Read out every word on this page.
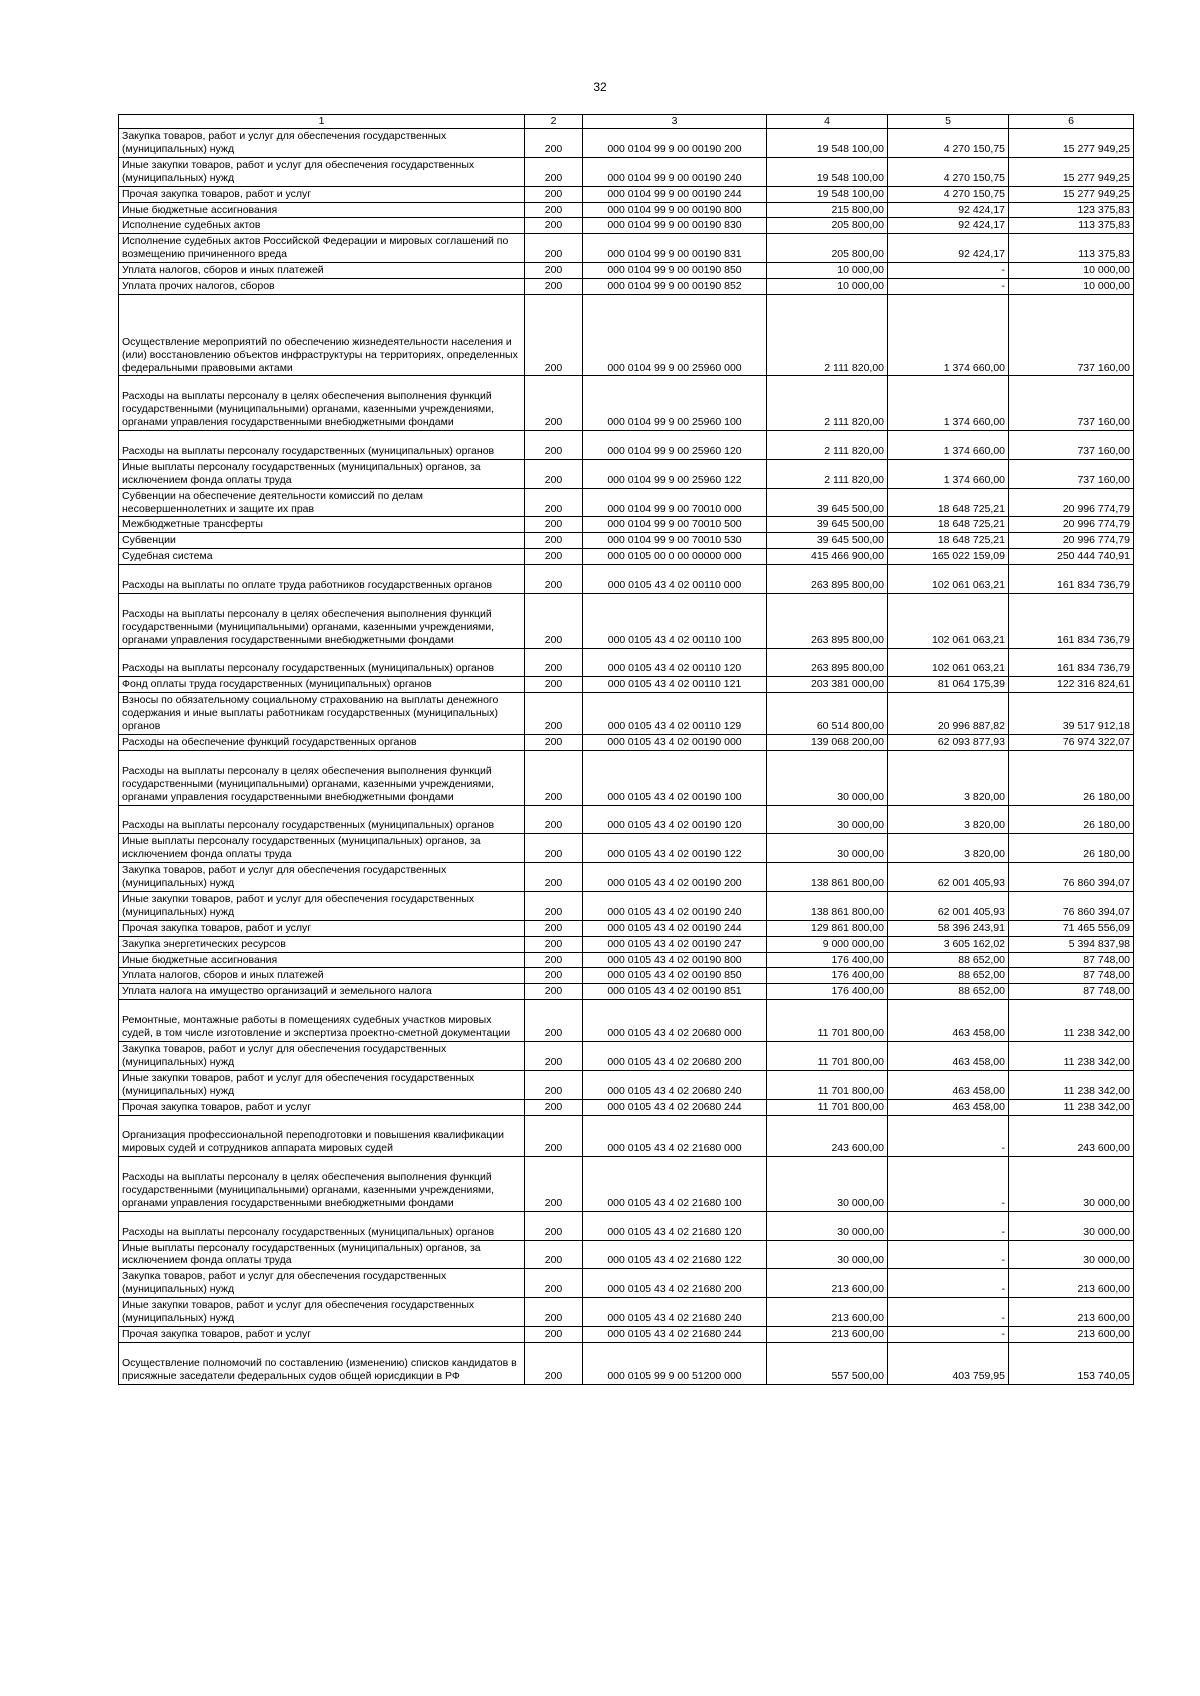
32
1	2	3	4	5	6
Закупка товаров, работ и услуг для обеспечения государственных (муниципальных) нужд	200	000 0104 99 9 00 00190 200	19 548 100,00	4 270 150,75	15 277 949,25
Иные закупки товаров, работ и услуг для обеспечения государственных (муниципальных) нужд	200	000 0104 99 9 00 00190 240	19 548 100,00	4 270 150,75	15 277 949,25
Прочая закупка товаров, работ и услуг	200	000 0104 99 9 00 00190 244	19 548 100,00	4 270 150,75	15 277 949,25
Иные бюджетные ассигнования	200	000 0104 99 9 00 00190 800	215 800,00	92 424,17	123 375,83
Исполнение судебных актов	200	000 0104 99 9 00 00190 830	205 800,00	92 424,17	113 375,83
Исполнение судебных актов Российской Федерации и мировых соглашений по возмещению причиненного вреда	200	000 0104 99 9 00 00190 831	205 800,00	92 424,17	113 375,83
Уплата налогов, сборов и иных платежей	200	000 0104 99 9 00 00190 850	10 000,00	-	10 000,00
Уплата прочих налогов, сборов	200	000 0104 99 9 00 00190 852	10 000,00	-	10 000,00
Осуществление мероприятий по обеспечению жизнедеятельности населения и (или) восстановлению объектов инфраструктуры на территориях, определенных федеральными правовыми актами	200	000 0104 99 9 00 25960 000	2 111 820,00	1 374 660,00	737 160,00
Расходы на выплаты персоналу в целях обеспечения выполнения функций государственными (муниципальными) органами, казенными учреждениями, органами управления государственными внебюджетными фондами	200	000 0104 99 9 00 25960 100	2 111 820,00	1 374 660,00	737 160,00
Расходы на выплаты персоналу государственных (муниципальных) органов	200	000 0104 99 9 00 25960 120	2 111 820,00	1 374 660,00	737 160,00
Иные выплаты персоналу государственных (муниципальных) органов, за исключением фонда оплаты труда	200	000 0104 99 9 00 25960 122	2 111 820,00	1 374 660,00	737 160,00
Субвенции на обеспечение деятельности комиссий по делам несовершеннолетних и защите их прав	200	000 0104 99 9 00 70010 000	39 645 500,00	18 648 725,21	20 996 774,79
Межбюджетные трансферты	200	000 0104 99 9 00 70010 500	39 645 500,00	18 648 725,21	20 996 774,79
Субвенции	200	000 0104 99 9 00 70010 530	39 645 500,00	18 648 725,21	20 996 774,79
Судебная система	200	000 0105 00 0 00 00000 000	415 466 900,00	165 022 159,09	250 444 740,91
Расходы на выплаты по оплате труда работников государственных органов	200	000 0105 43 4 02 00110 000	263 895 800,00	102 061 063,21	161 834 736,79
Расходы на выплаты персоналу в целях обеспечения выполнения функций государственными (муниципальными) органами, казенными учреждениями, органами управления государственными внебюджетными фондами	200	000 0105 43 4 02 00110 100	263 895 800,00	102 061 063,21	161 834 736,79
Расходы на выплаты персоналу государственных (муниципальных) органов	200	000 0105 43 4 02 00110 120	263 895 800,00	102 061 063,21	161 834 736,79
Фонд оплаты труда государственных (муниципальных) органов	200	000 0105 43 4 02 00110 121	203 381 000,00	81 064 175,39	122 316 824,61
Взносы по обязательному социальному страхованию на выплаты денежного содержания и иные выплаты работникам государственных (муниципальных) органов	200	000 0105 43 4 02 00110 129	60 514 800,00	20 996 887,82	39 517 912,18
Расходы на обеспечение функций государственных органов	200	000 0105 43 4 02 00190 000	139 068 200,00	62 093 877,93	76 974 322,07
Расходы на выплаты персоналу в целях обеспечения выполнения функций государственными (муниципальными) органами, казенными учреждениями, органами управления государственными внебюджетными фондами	200	000 0105 43 4 02 00190 100	30 000,00	3 820,00	26 180,00
Расходы на выплаты персоналу государственных (муниципальных) органов	200	000 0105 43 4 02 00190 120	30 000,00	3 820,00	26 180,00
Иные выплаты персоналу государственных (муниципальных) органов, за исключением фонда оплаты труда	200	000 0105 43 4 02 00190 122	30 000,00	3 820,00	26 180,00
Закупка товаров, работ и услуг для обеспечения государственных (муниципальных) нужд	200	000 0105 43 4 02 00190 200	138 861 800,00	62 001 405,93	76 860 394,07
Иные закупки товаров, работ и услуг для обеспечения государственных (муниципальных) нужд	200	000 0105 43 4 02 00190 240	138 861 800,00	62 001 405,93	76 860 394,07
Прочая закупка товаров, работ и услуг	200	000 0105 43 4 02 00190 244	129 861 800,00	58 396 243,91	71 465 556,09
Закупка энергетических ресурсов	200	000 0105 43 4 02 00190 247	9 000 000,00	3 605 162,02	5 394 837,98
Иные бюджетные ассигнования	200	000 0105 43 4 02 00190 800	176 400,00	88 652,00	87 748,00
Уплата налогов, сборов и иных платежей	200	000 0105 43 4 02 00190 850	176 400,00	88 652,00	87 748,00
Уплата налога на имущество организаций и земельного налога	200	000 0105 43 4 02 00190 851	176 400,00	88 652,00	87 748,00
Ремонтные, монтажные работы в помещениях судебных участков мировых судей, в том числе изготовление и экспертиза проектно-сметной документации	200	000 0105 43 4 02 20680 000	11 701 800,00	463 458,00	11 238 342,00
Закупка товаров, работ и услуг для обеспечения государственных (муниципальных) нужд	200	000 0105 43 4 02 20680 200	11 701 800,00	463 458,00	11 238 342,00
Иные закупки товаров, работ и услуг для обеспечения государственных (муниципальных) нужд	200	000 0105 43 4 02 20680 240	11 701 800,00	463 458,00	11 238 342,00
Прочая закупка товаров, работ и услуг	200	000 0105 43 4 02 20680 244	11 701 800,00	463 458,00	11 238 342,00
Организация профессиональной переподготовки и повышения квалификации мировых судей и сотрудников аппарата мировых судей	200	000 0105 43 4 02 21680 000	243 600,00	-	243 600,00
Расходы на выплаты персоналу в целях обеспечения выполнения функций государственными (муниципальными) органами, казенными учреждениями, органами управления государственными внебюджетными фондами	200	000 0105 43 4 02 21680 100	30 000,00	-	30 000,00
Расходы на выплаты персоналу государственных (муниципальных) органов	200	000 0105 43 4 02 21680 120	30 000,00	-	30 000,00
Иные выплаты персоналу государственных (муниципальных) органов, за исключением фонда оплаты труда	200	000 0105 43 4 02 21680 122	30 000,00	-	30 000,00
Закупка товаров, работ и услуг для обеспечения государственных (муниципальных) нужд	200	000 0105 43 4 02 21680 200	213 600,00	-	213 600,00
Иные закупки товаров, работ и услуг для обеспечения государственных (муниципальных) нужд	200	000 0105 43 4 02 21680 240	213 600,00	-	213 600,00
Прочая закупка товаров, работ и услуг	200	000 0105 43 4 02 21680 244	213 600,00	-	213 600,00
Осуществление полномочий по составлению (изменению) списков кандидатов в присяжные заседатели федеральных судов общей юрисдикции в РФ	200	000 0105 99 9 00 51200 000	557 500,00	403 759,95	153 740,05
